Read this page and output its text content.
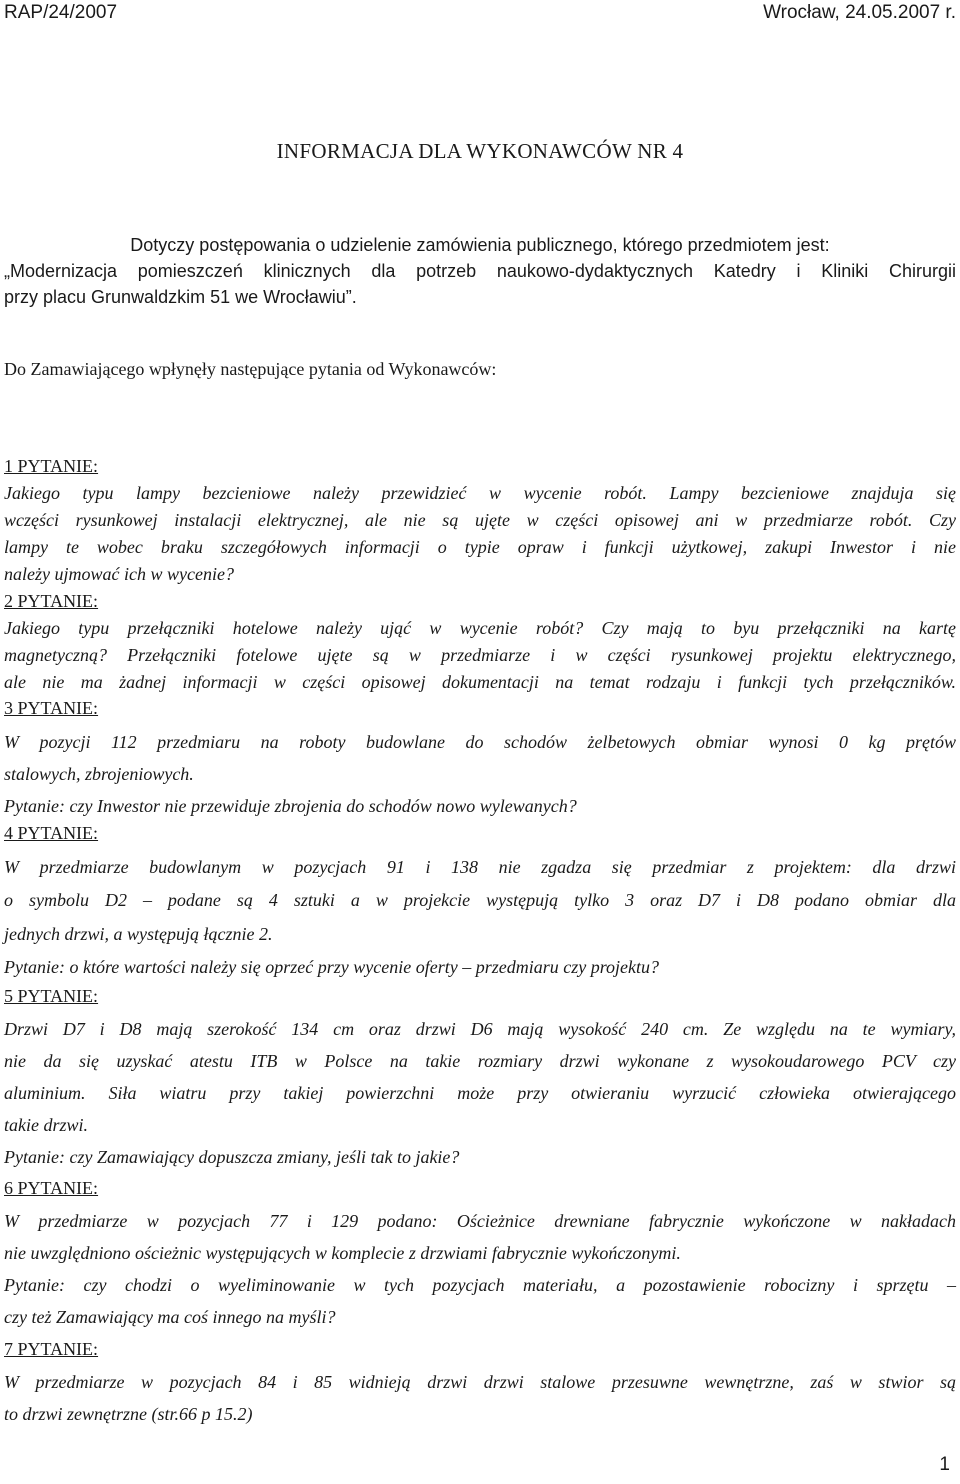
RAP/24/2007	Wrocław, 24.05.2007 r.
INFORMACJA DLA WYKONAWCÓW NR 4
Dotyczy postępowania o udzielenie zamówienia publicznego, którego przedmiotem jest:
„Modernizacja pomieszczeń klinicznych dla potrzeb naukowo-dydaktycznych Katedry i Kliniki Chirurgii
przy placu Grunwaldzkim 51 we Wrocławiu”.
Do Zamawiającego wpłynęły następujące pytania od Wykonawców:
1 PYTANIE:
Jakiego typu lampy bezcieniowe należy przewidzieć w wycenie robót. Lampy bezcieniowe znajduja się
wczęści rysunkowej instalacji elektrycznej, ale nie są ujęte w części opisowej ani w przedmiarze robót. Czy
lampy te wobec braku szczegółowych informacji o typie opraw i funkcji użytkowej, zakupi Inwestor i nie
należy ujmować ich w wycenie?
2 PYTANIE:
Jakiego typu przełączniki hotelowe należy ująć w wycenie robót? Czy mają to byu przełączniki na kartę
magnetyczną? Przełączniki fotelowe ujęte są w przedmiarze i w części rysunkowej projektu elektrycznego,
ale nie ma żadnej informacji w części opisowej dokumentacji na temat rodzaju i funkcji tych przełączników.
3 PYTANIE:
W pozycji 112 przedmiaru na roboty budowlane do schodów żelbetowych obmiar wynosi 0 kg prętów
stalowych, zbrojeniowych.
Pytanie: czy Inwestor nie przewiduje zbrojenia do schodów nowo wylewanych?
4 PYTANIE:
W przedmiarze budowlanym w pozycjach 91 i 138 nie zgadza się przedmiar z projektem: dla drzwi
o symbolu D2 – podane są 4 sztuki a w projekcie występują tylko 3 oraz D7 i D8 podano obmiar dla
jednych drzwi, a występują łącznie 2.
Pytanie: o które wartości należy się oprzeć przy wycenie oferty – przedmiaru czy projektu?
5 PYTANIE:
Drzwi D7 i D8 mają szerokość 134 cm oraz drzwi D6 mają wysokość 240 cm. Ze względu na te wymiary,
nie da się uzyskać atestu ITB w Polsce na takie rozmiary drzwi wykonane z wysokoudarowego PCV czy
aluminium. Siła wiatru przy takiej powierzchni może przy otwieraniu wyrzucić człowieka otwierającego
takie drzwi.
Pytanie: czy Zamawiający dopuszcza zmiany, jeśli tak to jakie?
6 PYTANIE:
W przedmiarze w pozycjach 77 i 129 podano: Ościeżnice drewniane fabrycznie wykończone w nakładach
nie uwzględniono ościeżnic występujących w komplecie z drzwiami fabrycznie wykończonymi.
Pytanie: czy chodzi o wyeliminowanie w tych pozycjach materiału, a pozostawienie robocizny i sprzętu –
czy też Zamawiający ma coś innego na myśli?
7 PYTANIE:
W przedmiarze w pozycjach 84 i 85 widnieją drzwi drzwi stalowe przesuwne wewnętrzne, zaś w stwior są
to drzwi zewnętrzne (str.66 p 15.2)
1
